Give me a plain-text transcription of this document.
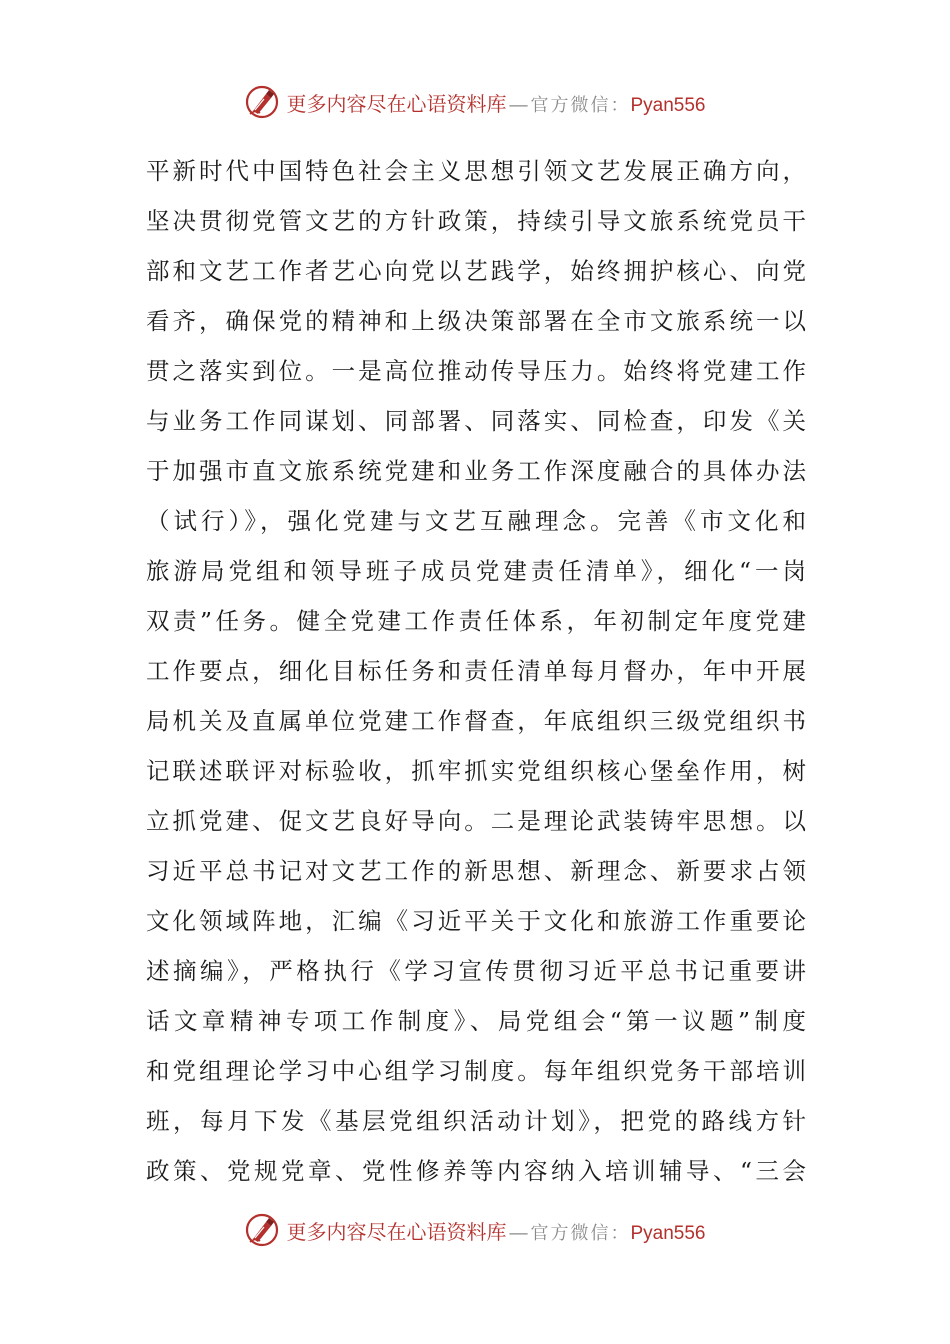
更多内容尽在心语资料库 — 官方微信： Pyan556
平新时代中国特色社会主义思想引领文艺发展正确方向，
坚决贯彻党管文艺的方针政策，持续引导文旅系统党员干
部和文艺工作者艺心向党以艺践学，始终拥护核心、向党
看齐，确保党的精神和上级决策部署在全市文旅系统一以
贯之落实到位。一是高位推动传导压力。始终将党建工作
与业务工作同谋划、同部署、同落实、同检查，印发《关
于加强市直文旅系统党建和业务工作深度融合的具体办法
（试行）》，强化党建与文艺互融理念。完善《市文化和
旅游局党组和领导班子成员党建责任清单》，细化“一岗
双责”任务。健全党建工作责任体系，年初制定年度党建
工作要点，细化目标任务和责任清单每月督办，年中开展
局机关及直属单位党建工作督查，年底组织三级党组织书
记联述联评对标验收，抓牢抓实党组织核心堡垒作用，树
立抓党建、促文艺良好导向。二是理论武装铸牢思想。以
习近平总书记对文艺工作的新思想、新理念、新要求占领
文化领域阵地，汇编《习近平关于文化和旅游工作重要论
述摘编》，严格执行《学习宣传贯彻习近平总书记重要讲
话文章精神专项工作制度》、局党组会“第一议题”制度
和党组理论学习中心组学习制度。每年组织党务干部培训
班，每月下发《基层党组织活动计划》，把党的路线方针
政策、党规党章、党性修养等内容纳入培训辅导、“三会
更多内容尽在心语资料库 — 官方微信： Pyan556
